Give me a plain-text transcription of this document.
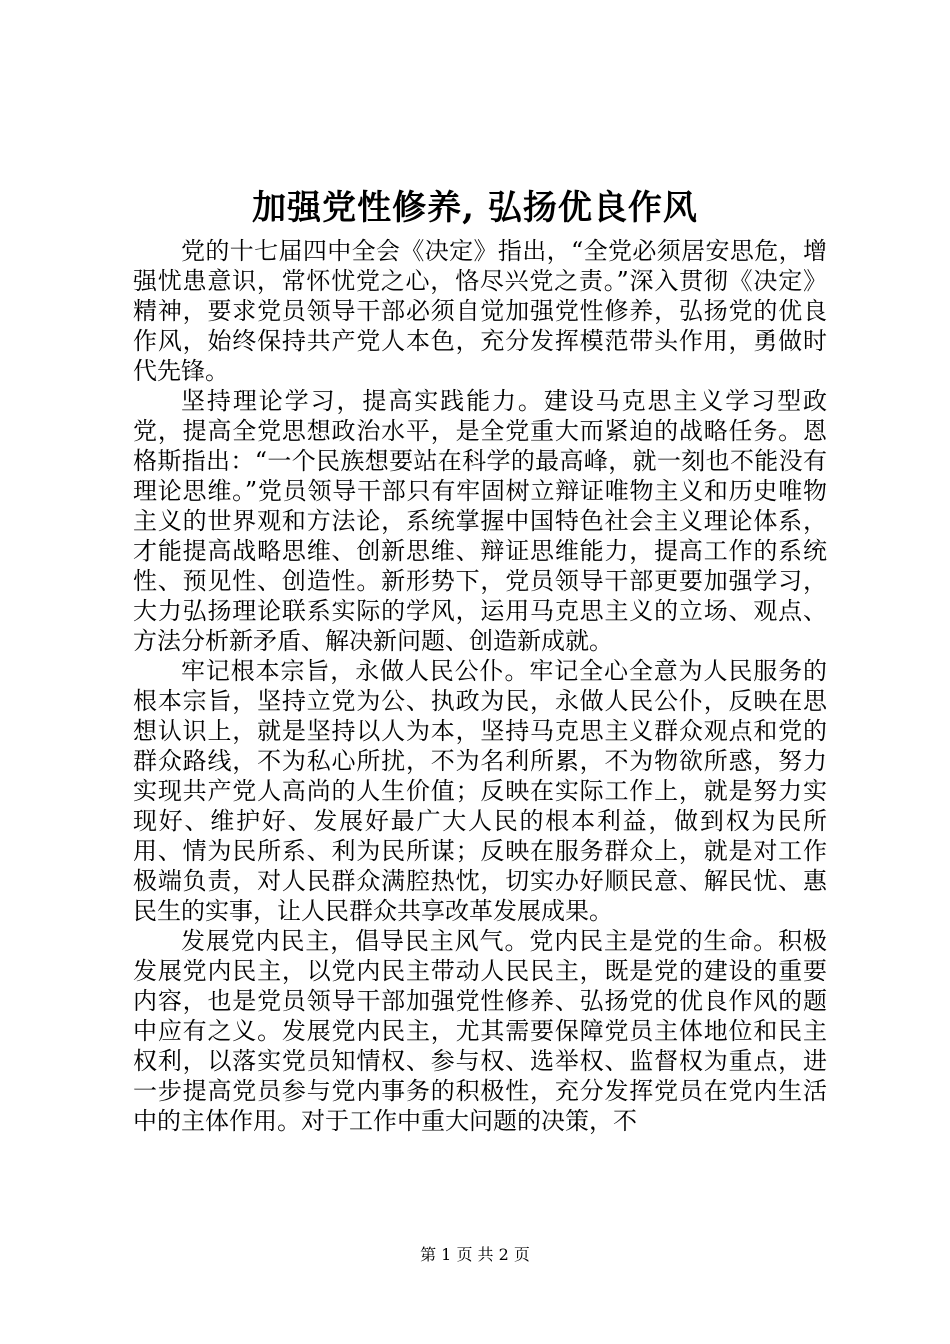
加强党性修养, 弘扬优良作风

党的十七届四中全会《决定》指出，“全党必须居安思危，增强忧患意识，常怀忧党之心，恪尽兴党之责。”深入贯彻《决定》精神，要求党员领导干部必须自觉加强党性修养，弘扬党的优良作风，始终保持共产党人本色，充分发挥模范带头作用，勇做时代先锋。

坚持理论学习，提高实践能力。建设马克思主义学习型政党，提高全党思想政治水平，是全党重大而紧迫的战略任务。恩格斯指出：“一个民族想要站在科学的最高峰，就一刻也不能没有理论思维。”党员领导干部只有牢固树立辩证唯物主义和历史唯物主义的世界观和方法论，系统掌握中国特色社会主义理论体系，才能提高战略思维、创新思维、辩证思维能力，提高工作的系统性、预见性、创造性。新形势下，党员领导干部更要加强学习，大力弘扬理论联系实际的学风，运用马克思主义的立场、观点、方法分析新矛盾、解决新问题、创造新成就。

牢记根本宗旨，永做人民公仆。牢记全心全意为人民服务的根本宗旨，坚持立党为公、执政为民，永做人民公仆，反映在思想认识上，就是坚持以人为本，坚持马克思主义群众观点和党的群众路线，不为私心所扰，不为名利所累，不为物欲所惑，努力实现共产党人高尚的人生价值；反映在实际工作上，就是努力实现好、维护好、发展好最广大人民的根本利益，做到权为民所用、情为民所系、利为民所谋；反映在服务群众上，就是对工作极端负责，对人民群众满腔热忱，切实办好顺民意、解民忧、惠民生的实事，让人民群众共享改革发展成果。

发展党内民主，倡导民主风气。党内民主是党的生命。积极发展党内民主，以党内民主带动人民民主，既是党的建设的重要内容，也是党员领导干部加强党性修养、弘扬党的优良作风的题中应有之义。发展党内民主，尤其需要保障党员主体地位和民主权利，以落实党员知情权、参与权、选举权、监督权为重点，进一步提高党员参与党内事务的积极性，充分发挥党员在党内生活中的主体作用。对于工作中重大问题的决策，不

第 1 页 共 2 页
